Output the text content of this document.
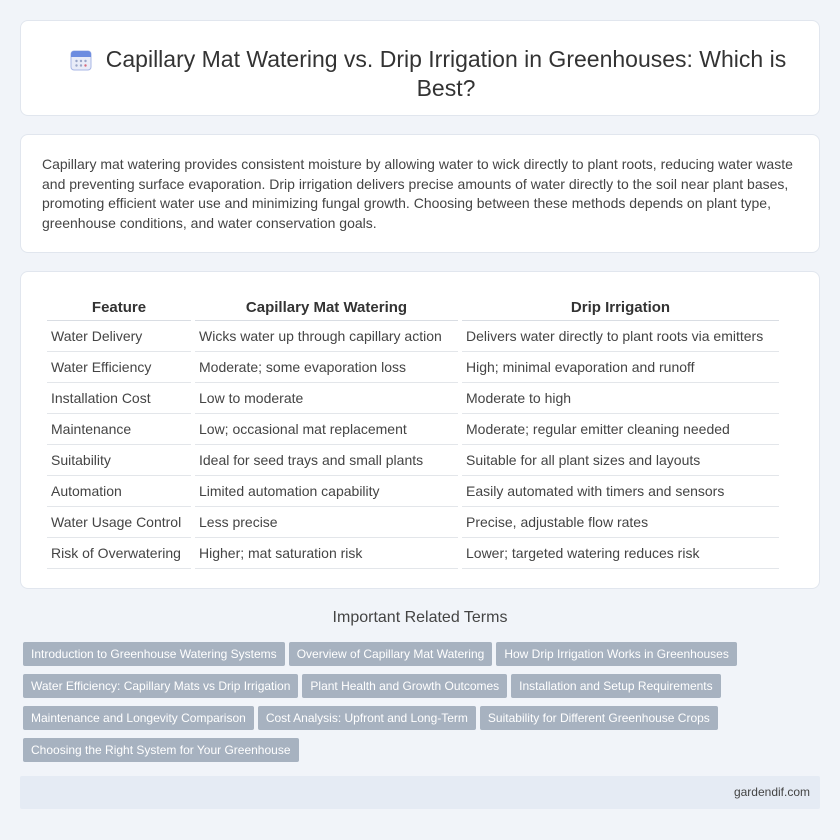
Capillary Mat Watering vs. Drip Irrigation in Greenhouses: Which is Best?

Capillary mat watering provides consistent moisture by allowing water to wick directly to plant roots, reducing water waste and preventing surface evaporation. Drip irrigation delivers precise amounts of water directly to the soil near plant bases, promoting efficient water use and minimizing fungal growth. Choosing between these methods depends on plant type, greenhouse conditions, and water conservation goals.

Feature	Capillary Mat Watering	Drip Irrigation
Water Delivery	Wicks water up through capillary action	Delivers water directly to plant roots via emitters
Water Efficiency	Moderate; some evaporation loss	High; minimal evaporation and runoff
Installation Cost	Low to moderate	Moderate to high
Maintenance	Low; occasional mat replacement	Moderate; regular emitter cleaning needed
Suitability	Ideal for seed trays and small plants	Suitable for all plant sizes and layouts
Automation	Limited automation capability	Easily automated with timers and sensors
Water Usage Control	Less precise	Precise, adjustable flow rates
Risk of Overwatering	Higher; mat saturation risk	Lower; targeted watering reduces risk
Important Related Terms
Introduction to Greenhouse Watering Systems Overview of Capillary Mat Watering How Drip Irrigation Works in Greenhouses
Water Efficiency: Capillary Mats vs Drip Irrigation Plant Health and Growth Outcomes Installation and Setup Requirements
Maintenance and Longevity Comparison Cost Analysis: Upfront and Long-Term Suitability for Different Greenhouse Crops
Choosing the Right System for Your Greenhouse
gardendif.com
